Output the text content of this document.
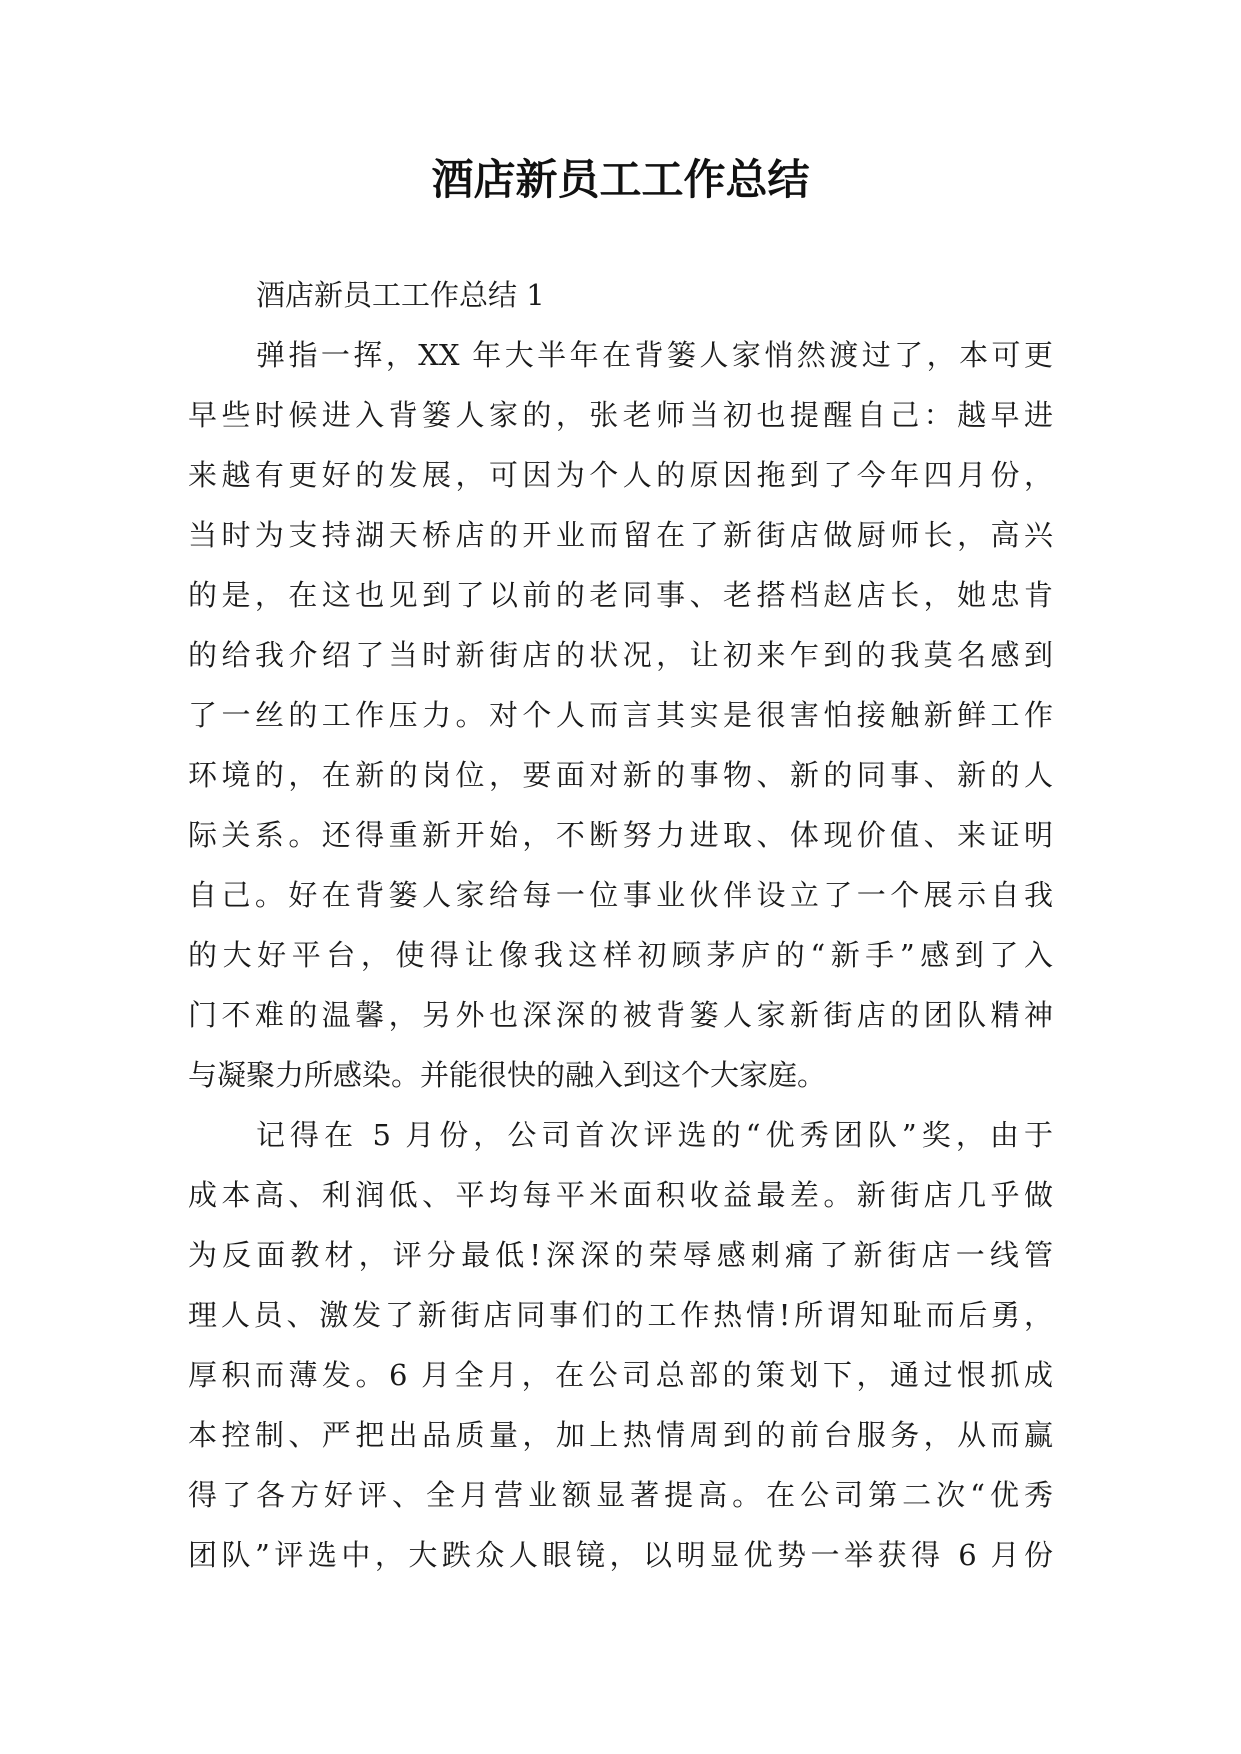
酒店新员工工作总结
酒店新员工工作总结 1
弹指一挥，XX 年大半年在背篓人家悄然渡过了，本可更
早些时候进入背篓人家的，张老师当初也提醒自己：越早进
来越有更好的发展，可因为个人的原因拖到了今年四月份，
当时为支持湖天桥店的开业而留在了新街店做厨师长，高兴
的是，在这也见到了以前的老同事、老搭档赵店长，她忠肯
的给我介绍了当时新街店的状况，让初来乍到的我莫名感到
了一丝的工作压力。对个人而言其实是很害怕接触新鲜工作
环境的，在新的岗位，要面对新的事物、新的同事、新的人
际关系。还得重新开始，不断努力进取、体现价值、来证明
自己。好在背篓人家给每一位事业伙伴设立了一个展示自我
的大好平台，使得让像我这样初顾茅庐的“新手”感到了入
门不难的温馨，另外也深深的被背篓人家新街店的团队精神
与凝聚力所感染。并能很快的融入到这个大家庭。
记得在 5 月份，公司首次评选的“优秀团队”奖，由于
成本高、利润低、平均每平米面积收益最差。新街店几乎做
为反面教材，评分最低!深深的荣辱感刺痛了新街店一线管
理人员、激发了新街店同事们的工作热情!所谓知耻而后勇，
厚积而薄发。6 月全月，在公司总部的策划下，通过恨抓成
本控制、严把出品质量，加上热情周到的前台服务，从而赢
得了各方好评、全月营业额显著提高。在公司第二次“优秀
团队”评选中，大跌众人眼镜，以明显优势一举获得 6 月份
